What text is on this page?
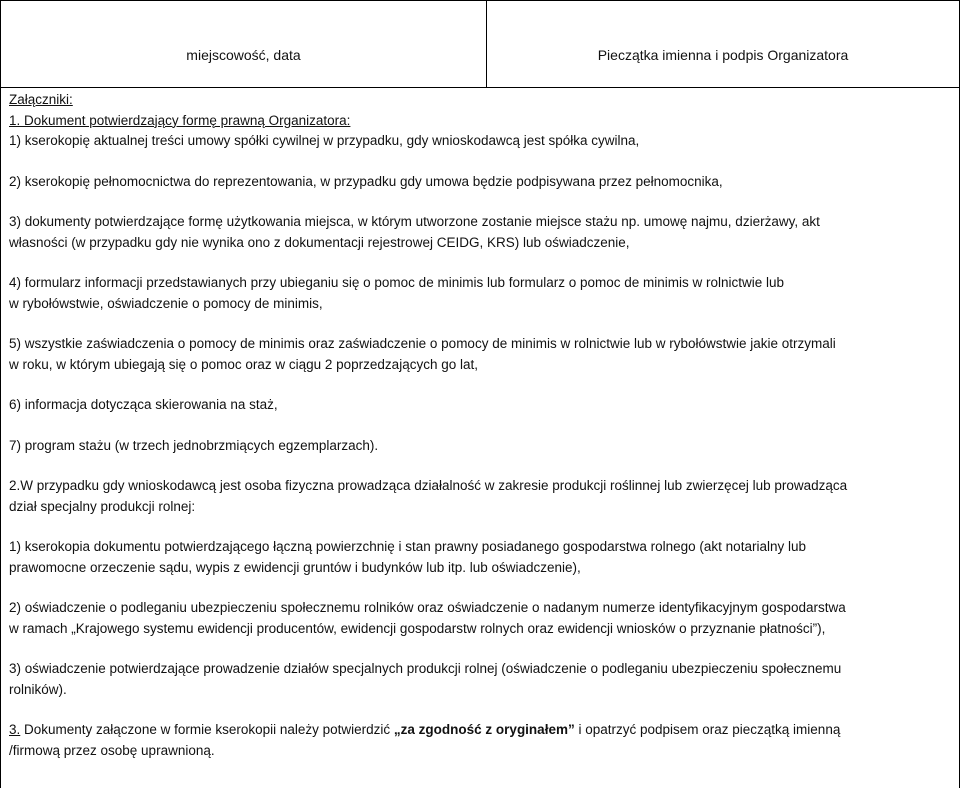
miejscowość, data	Pieczątka imienna i podpis Organizatora
Załączniki:
1. Dokument potwierdzający formę prawną Organizatora:
1) kserokopię aktualnej treści umowy spółki cywilnej w przypadku, gdy wnioskodawcą jest spółka cywilna,
2) kserokopię pełnomocnictwa do reprezentowania, w przypadku gdy umowa będzie podpisywana przez pełnomocnika,
3) dokumenty potwierdzające formę użytkowania miejsca, w którym utworzone zostanie miejsce stażu np. umowę najmu, dzierżawy, akt
własności (w przypadku gdy nie wynika ono z dokumentacji rejestrowej CEIDG, KRS) lub oświadczenie,
4) formularz informacji przedstawianych przy ubieganiu się o pomoc de minimis lub formularz o pomoc de minimis w rolnictwie lub
w rybołówstwie, oświadczenie o pomocy de minimis,
5) wszystkie zaświadczenia o pomocy de minimis oraz zaświadczenie o pomocy de minimis w rolnictwie lub w rybołówstwie jakie otrzymali
w roku, w którym ubiegają się o pomoc oraz w ciągu 2 poprzedzających go lat,
6) informacja dotycząca skierowania na staż,
7) program stażu (w trzech jednobrzmiących egzemplarzach).
2.W przypadku gdy wnioskodawcą jest osoba fizyczna prowadząca działalność w zakresie produkcji roślinnej lub zwierzęcej lub prowadząca
dział specjalny produkcji rolnej:
1) kserokopia dokumentu potwierdzającego łączną powierzchnię i stan prawny posiadanego gospodarstwa rolnego (akt notarialny lub
prawomocne orzeczenie sądu, wypis z ewidencji gruntów i budynków lub itp. lub oświadczenie),
2) oświadczenie o podleganiu ubezpieczeniu społecznemu rolników oraz oświadczenie o nadanym numerze identyfikacyjnym gospodarstwa
w ramach „Krajowego systemu ewidencji producentów, ewidencji gospodarstw rolnych oraz ewidencji wniosków o przyznanie płatności”),
3) oświadczenie potwierdzające prowadzenie działów specjalnych produkcji rolnej (oświadczenie o podleganiu ubezpieczeniu społecznemu
rolników).
3. Dokumenty załączone w formie kserokopii należy potwierdzić „za zgodność z oryginałem” i opatrzyć podpisem oraz pieczątką imienną
/firmową przez osobę uprawnioną.
